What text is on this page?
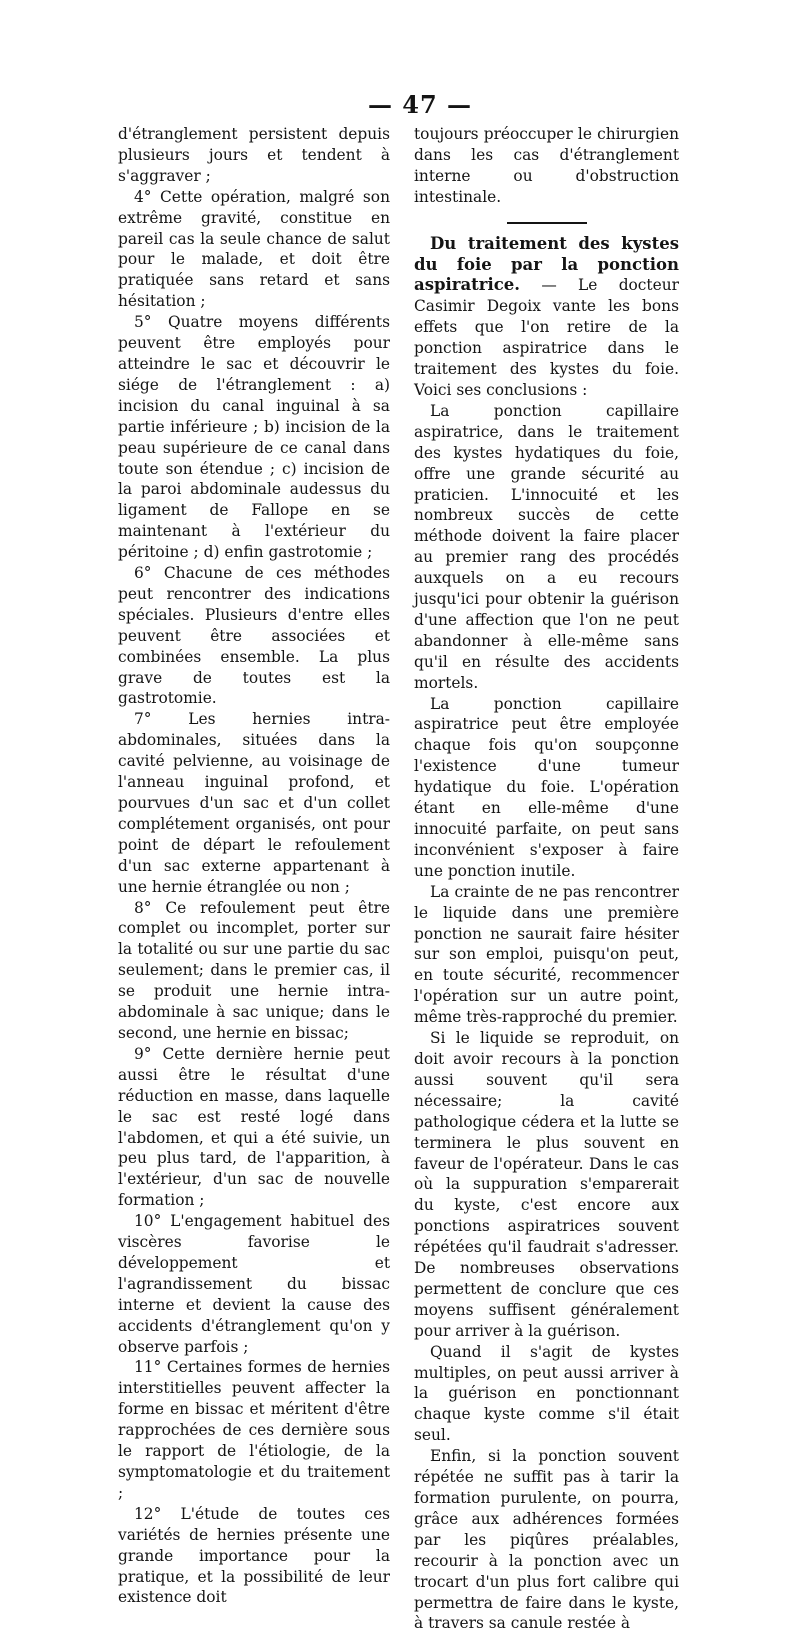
— 47 —

d'étranglement persistent depuis plusieurs jours et tendent à s'aggraver ;

4° Cette opération, malgré son extrême gravité, constitue en pareil cas la seule chance de salut pour le malade, et doit être pratiquée sans retard et sans hésitation ;

5° Quatre moyens différents peuvent être employés pour atteindre le sac et découvrir le siége de l'étranglement : a) incision du canal inguinal à sa partie inférieure ; b) incision de la peau supérieure de ce canal dans toute son étendue ; c) incision de la paroi abdominale audessus du ligament de Fallope en se maintenant à l'extérieur du péritoine ; d) enfin gastrotomie ;

6° Chacune de ces méthodes peut rencontrer des indications spéciales. Plusieurs d'entre elles peuvent être associées et combinées ensemble. La plus grave de toutes est la gastrotomie.

7° Les hernies intra-abdominales, situées dans la cavité pelvienne, au voisinage de l'anneau inguinal profond, et pourvues d'un sac et d'un collet complétement organisés, ont pour point de départ le refoulement d'un sac externe appartenant à une hernie étranglée ou non ;

8° Ce refoulement peut être complet ou incomplet, porter sur la totalité ou sur une partie du sac seulement; dans le premier cas, il se produit une hernie intra-abdominale à sac unique; dans le second, une hernie en bissac;

9° Cette dernière hernie peut aussi être le résultat d'une réduction en masse, dans laquelle le sac est resté logé dans l'abdomen, et qui a été suivie, un peu plus tard, de l'apparition, à l'extérieur, d'un sac de nouvelle formation ;

10° L'engagement habituel des viscères favorise le développement et l'agrandissement du bissac interne et devient la cause des accidents d'étranglement qu'on y observe parfois ;

11° Certaines formes de hernies interstitielles peuvent affecter la forme en bissac et méritent d'être rapprochées de ces dernière sous le rapport de l'étiologie, de la symptomatologie et du traitement ;

12° L'étude de toutes ces variétés de hernies présente une grande importance pour la pratique, et la possibilité de leur existence doit

toujours préoccuper le chirurgien dans les cas d'étranglement interne ou d'obstruction intestinale.

Du traitement des kystes du foie par la ponction aspiratrice. — Le docteur Casimir Degoix vante les bons effets que l'on retire de la ponction aspiratrice dans le traitement des kystes du foie. Voici ses conclusions :

La ponction capillaire aspiratrice, dans le traitement des kystes hydatiques du foie, offre une grande sécurité au praticien. L'innocuité et les nombreux succès de cette méthode doivent la faire placer au premier rang des procédés auxquels on a eu recours jusqu'ici pour obtenir la guérison d'une affection que l'on ne peut abandonner à elle-même sans qu'il en résulte des accidents mortels.

La ponction capillaire aspiratrice peut être employée chaque fois qu'on soupçonne l'existence d'une tumeur hydatique du foie. L'opération étant en elle-même d'une innocuité parfaite, on peut sans inconvénient s'exposer à faire une ponction inutile.

La crainte de ne pas rencontrer le liquide dans une première ponction ne saurait faire hésiter sur son emploi, puisqu'on peut, en toute sécurité, recommencer l'opération sur un autre point, même très-rapproché du premier.

Si le liquide se reproduit, on doit avoir recours à la ponction aussi souvent qu'il sera nécessaire; la cavité pathologique cédera et la lutte se terminera le plus souvent en faveur de l'opérateur. Dans le cas où la suppuration s'emparerait du kyste, c'est encore aux ponctions aspiratrices souvent répétées qu'il faudrait s'adresser. De nombreuses observations permettent de conclure que ces moyens suffisent généralement pour arriver à la guérison.

Quand il s'agit de kystes multiples, on peut aussi arriver à la guérison en ponctionnant chaque kyste comme s'il était seul.

Enfin, si la ponction souvent répétée ne suffit pas à tarir la formation purulente, on pourra, grâce aux adhérences formées par les piqûres préalables, recourir à la ponction avec un trocart d'un plus fort calibre qui permettra de faire dans le kyste, à travers sa canule restée à
